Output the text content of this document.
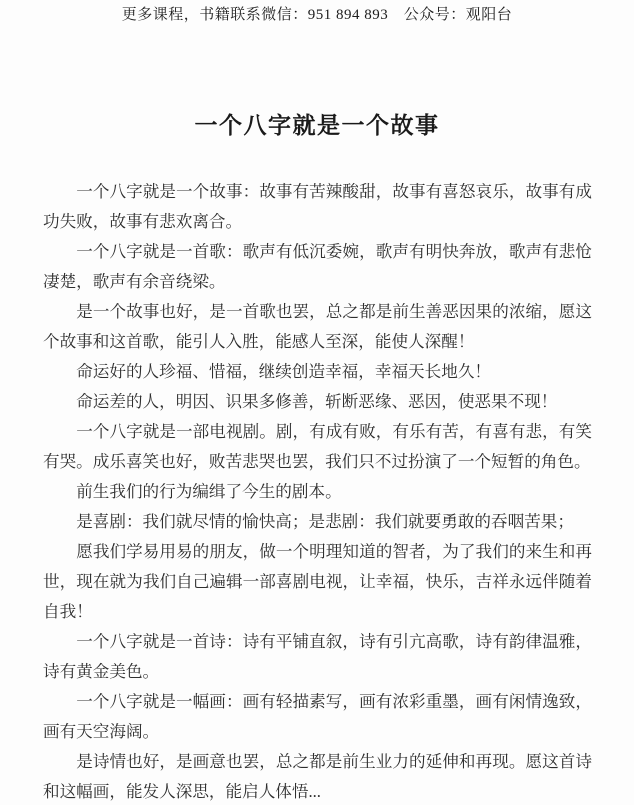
更多课程，书籍联系微信：951 894 893　公众号：观阳台
一个八字就是一个故事

一个八字就是一个故事：故事有苦辣酸甜，故事有喜怒哀乐，故事有成功失败，故事有悲欢离合。

一个八字就是一首歌：歌声有低沉委婉，歌声有明快奔放，歌声有悲怆凄楚，歌声有余音绕梁。

是一个故事也好，是一首歌也罢，总之都是前生善恶因果的浓缩，愿这个故事和这首歌，能引人入胜，能感人至深，能使人深醒！

命运好的人珍福、惜福，继续创造幸福，幸福天长地久！

命运差的人，明因、识果多修善，斩断恶缘、恶因，使恶果不现！

一个八字就是一部电视剧。剧，有成有败，有乐有苦，有喜有悲，有笑有哭。成乐喜笑也好，败苦悲哭也罢，我们只不过扮演了一个短暂的角色。

前生我们的行为编缉了今生的剧本。

是喜剧：我们就尽情的愉快高；是悲剧：我们就要勇敢的吞咽苦果；

愿我们学易用易的朋友，做一个明理知道的智者，为了我们的来生和再世，现在就为我们自己遍辑一部喜剧电视，让幸福，快乐，吉祥永远伴随着自我！

一个八字就是一首诗：诗有平铺直叙，诗有引亢高歌，诗有韵律温雅，诗有黄金美色。

一个八字就是一幅画：画有轻描素写，画有浓彩重墨，画有闲情逸致，画有天空海阔。

是诗情也好，是画意也罢，总之都是前生业力的延伸和再现。愿这首诗和这幅画，能发人深思，能启人体悟...
